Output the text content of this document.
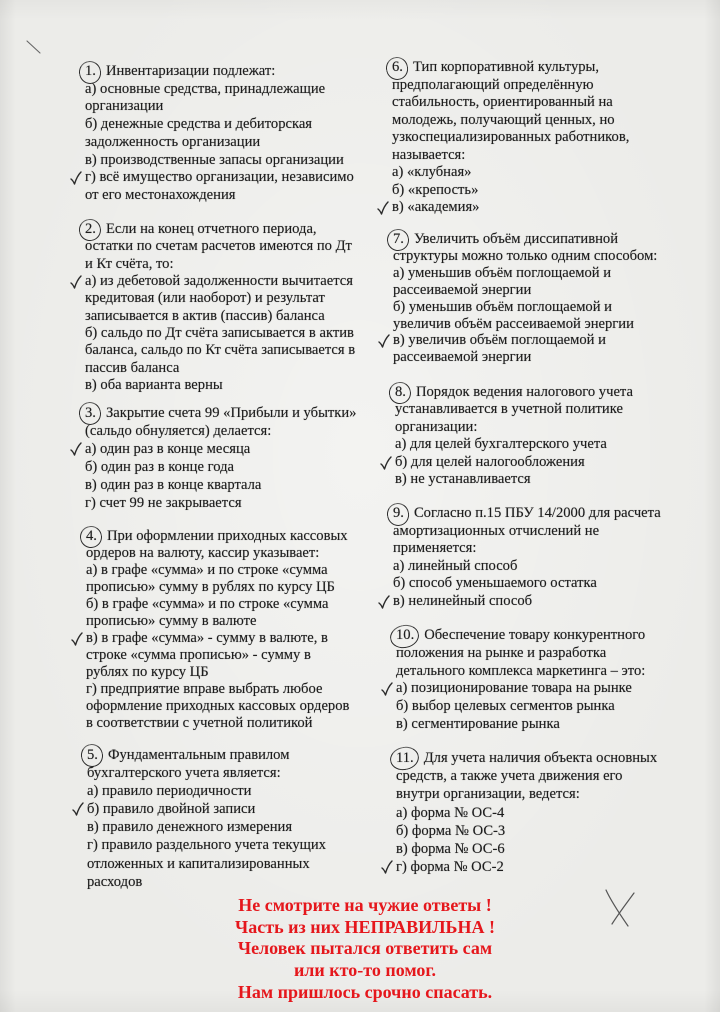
1. Инвентаризации подлежат:
а) основные средства, принадлежащие
организации
б) денежные средства и дебиторская
задолженность организации
в) производственные запасы организации
г) всё имущество организации, независимо
от его местонахождения
2. Если на конец отчетного периода,
остатки по счетам расчетов имеются по Дт
и Кт счёта, то:
а) из дебетовой задолженности вычитается
кредитовая (или наоборот) и результат
записывается в актив (пассив) баланса
б) сальдо по Дт счёта записывается в актив
баланса, сальдо по Кт счёта записывается в
пассив баланса
в) оба варианта верны
3. Закрытие счета 99 «Прибыли и убытки»
(сальдо обнуляется) делается:
а) один раз в конце месяца
б) один раз в конце года
в) один раз в конце квартала
г) счет 99 не закрывается
4. При оформлении приходных кассовых
ордеров на валюту, кассир указывает:
а) в графе «сумма» и по строке «сумма
прописью» сумму в рублях по курсу ЦБ
б) в графе «сумма» и по строке «сумма
прописью» сумму в валюте
в) в графе «сумма» - сумму в валюте, в
строке «сумма прописью» - сумму в
рублях по курсу ЦБ
г) предприятие вправе выбрать любое
оформление приходных кассовых ордеров
в соответствии с учетной политикой
5. Фундаментальным правилом
бухгалтерского учета является:
а) правило периодичности
б) правило двойной записи
в) правило денежного измерения
г) правило раздельного учета текущих
отложенных и капитализированных
расходов
6. Тип корпоративной культуры,
предполагающий определённую
стабильность, ориентированный на
молодежь, получающий ценных, но
узкоспециализированных работников,
называется:
а) «клубная»
б) «крепость»
в) «академия»
7. Увеличить объём диссипативной
структуры можно только одним способом:
а) уменьшив объём поглощаемой и
рассеиваемой энергии
б) уменьшив объём поглощаемой и
увеличив объём рассеиваемой энергии
в) увеличив объём поглощаемой и
рассеиваемой энергии
8. Порядок ведения налогового учета
устанавливается в учетной политике
организации:
а) для целей бухгалтерского учета
б) для целей налогообложения
в) не устанавливается
9. Согласно п.15 ПБУ 14/2000 для расчета
амортизационных отчислений не
применяется:
а) линейный способ
б) способ уменьшаемого остатка
в) нелинейный способ
10. Обеспечение товару конкурентного
положения на рынке и разработка
детального комплекса маркетинга – это:
а) позиционирование товара на рынке
б) выбор целевых сегментов рынка
в) сегментирование рынка
11. Для учета наличия объекта основных
средств, а также учета движения его
внутри организации, ведется:
а) форма № ОС-4
б) форма № ОС-3
в) форма № ОС-6
г) форма № ОС-2
Не смотрите на чужие ответы !
Часть из них НЕПРАВИЛЬНА !
Человек пытался ответить сам
или кто-то помог.
Нам пришлось срочно спасать.
